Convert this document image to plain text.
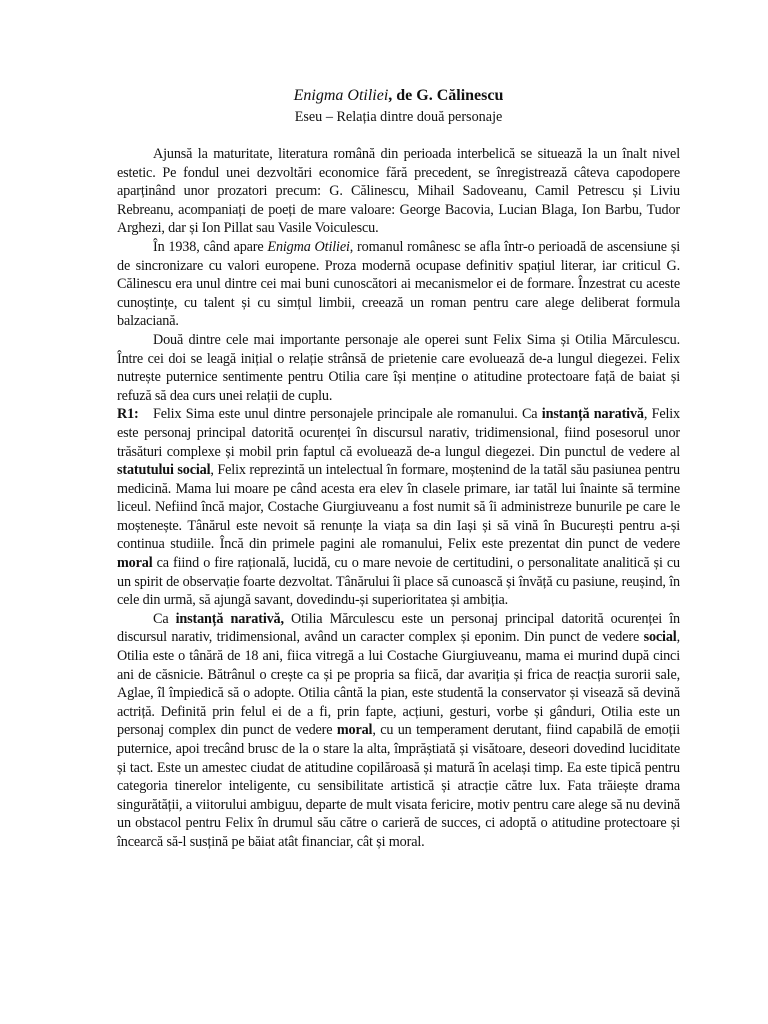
Enigma Otiliei, de G. Călinescu
Eseu – Relația dintre două personaje

Ajunsă la maturitate, literatura română din perioada interbelică se situează la un înalt nivel estetic. Pe fondul unei dezvoltări economice fără precedent, se înregistrează câteva capodopere aparținând unor prozatori precum: G. Călinescu, Mihail Sadoveanu, Camil Petrescu și Liviu Rebreanu, acompaniați de poeți de mare valoare: George Bacovia, Lucian Blaga, Ion Barbu, Tudor Arghezi, dar și Ion Pillat sau Vasile Voiculescu.

În 1938, când apare Enigma Otiliei, romanul românesc se afla într-o perioadă de ascensiune și de sincronizare cu valori europene. Proza modernă ocupase definitiv spațiul literar, iar criticul G. Călinescu era unul dintre cei mai buni cunoscători ai mecanismelor ei de formare. Înzestrat cu aceste cunoștințe, cu talent și cu simțul limbii, creează un roman pentru care alege deliberat formula balzaciană.

Două dintre cele mai importante personaje ale operei sunt Felix Sima și Otilia Mărculescu. Între cei doi se leagă inițial o relație strânsă de prietenie care evoluează de-a lungul diegezei. Felix nutrește puternice sentimente pentru Otilia care își menține o atitudine protectoare față de baiat și refuză să dea curs unei relații de cuplu.

R1: Felix Sima este unul dintre personajele principale ale romanului. Ca instanță narativă, Felix este personaj principal datorită ocurenței în discursul narativ, tridimensional, fiind posesorul unor trăsături complexe și mobil prin faptul că evoluează de-a lungul diegezei. Din punctul de vedere al statutului social, Felix reprezintă un intelectual în formare, moștenind de la tatăl său pasiunea pentru medicină. Mama lui moare pe când acesta era elev în clasele primare, iar tatăl lui înainte să termine liceul. Nefiind încă major, Costache Giurgiuveanu a fost numit să îi administreze bunurile pe care le moștenește. Tânărul este nevoit să renunțe la viața sa din Iași și să vină în București pentru a-și continua studiile. Încă din primele pagini ale romanului, Felix este prezentat din punct de vedere moral ca fiind o fire rațională, lucidă, cu o mare nevoie de certitudini, o personalitate analitică și cu un spirit de observație foarte dezvoltat. Tânărului îi place să cunoască și învăță cu pasiune, reușind, în cele din urmă, să ajungă savant, dovedindu-și superioritatea și ambiția.

Ca instanță narativă, Otilia Mărculescu este un personaj principal datorită ocurenței în discursul narativ, tridimensional, având un caracter complex și eponim. Din punct de vedere social, Otilia este o tânără de 18 ani, fiica vitregă a lui Costache Giurgiuveanu, mama ei murind după cinci ani de căsnicie. Bătrânul o crește ca și pe propria sa fiică, dar avariția și frica de reacția surorii sale, Aglae, îl împiedică să o adopte. Otilia cântă la pian, este studentă la conservator și visează să devină actriță. Definită prin felul ei de a fi, prin fapte, acțiuni, gesturi, vorbe și gânduri, Otilia este un personaj complex din punct de vedere moral, cu un temperament derutant, fiind capabilă de emoții puternice, apoi trecând brusc de la o stare la alta, împrăștiată și visătoare, deseori dovedind luciditate și tact. Este un amestec ciudat de atitudine copilăroasă și matură în același timp. Ea este tipică pentru categoria tinerelor inteligente, cu sensibilitate artistică și atracție către lux. Fata trăiește drama singurătății, a viitorului ambiguu, departe de mult visata fericire, motiv pentru care alege să nu devină un obstacol pentru Felix în drumul său către o carieră de succes, ci adoptă o atitudine protectoare și încearcă să-l susțină pe băiat atât financiar, cât și moral.
